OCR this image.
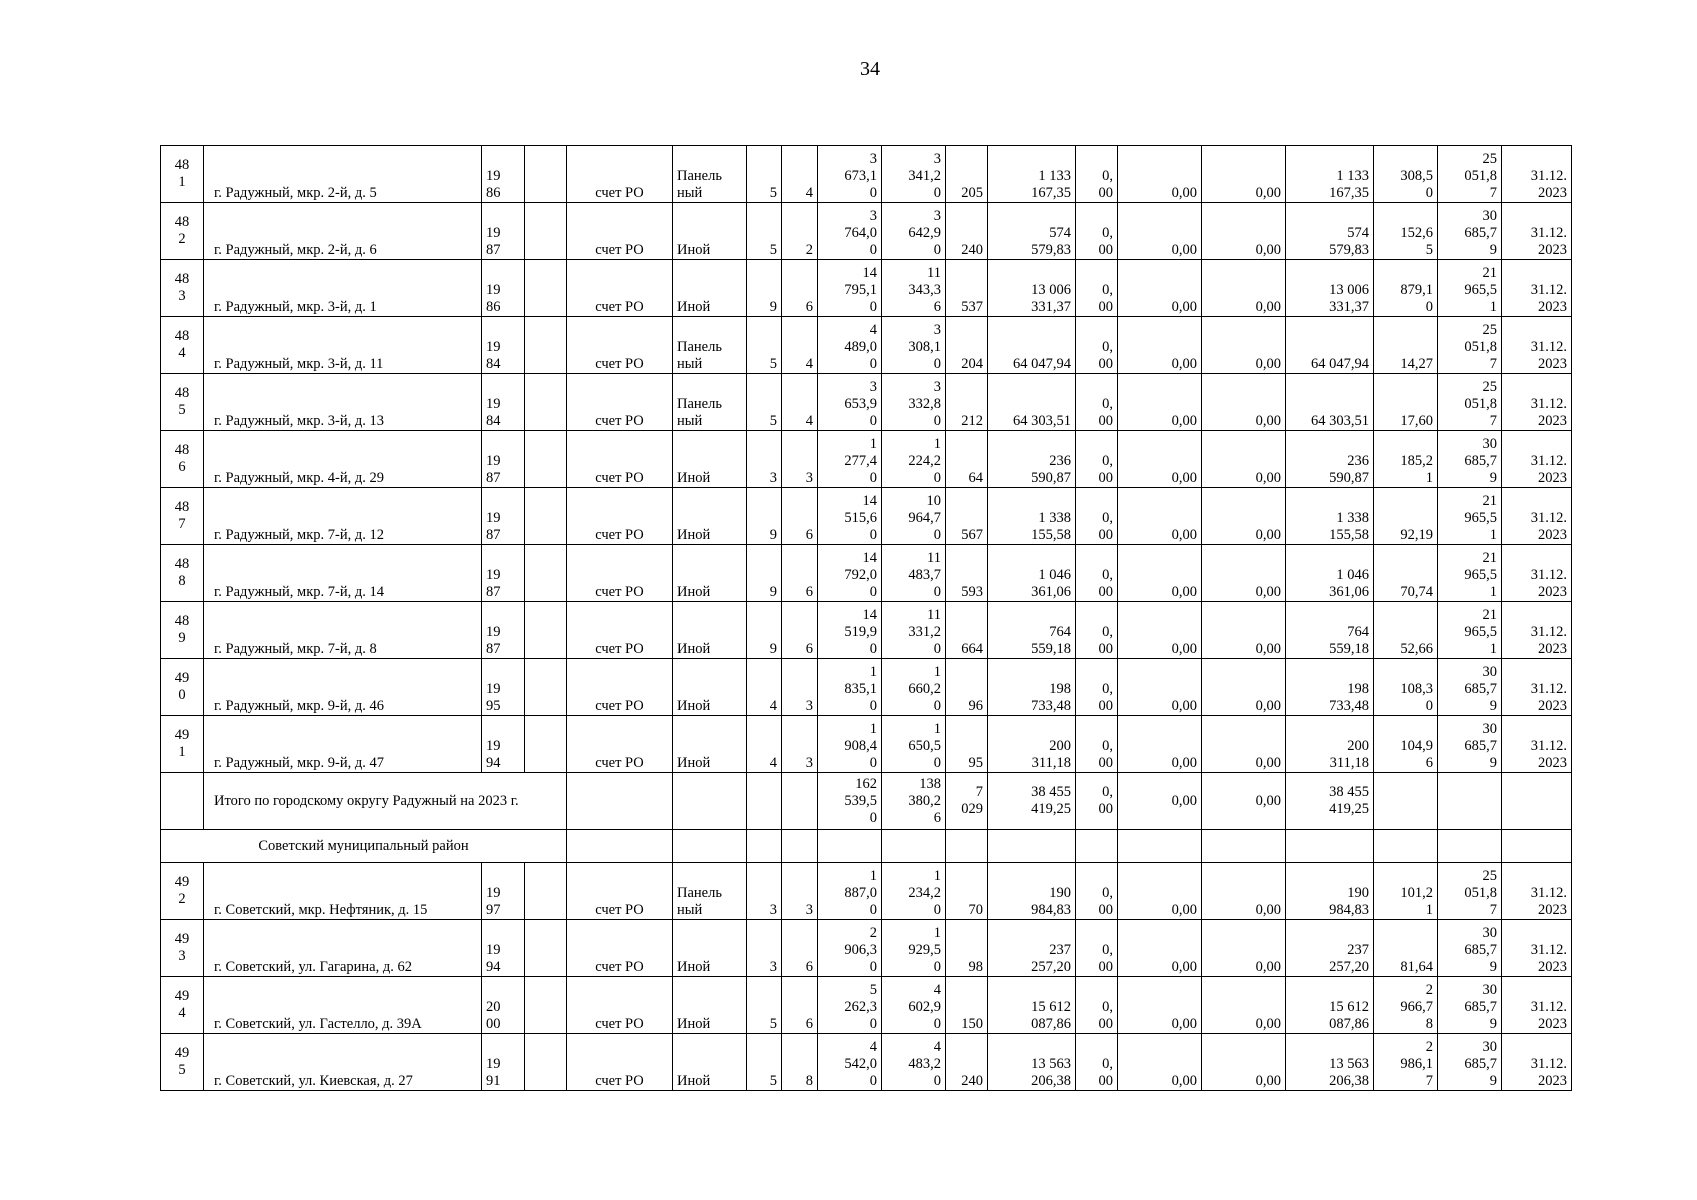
34
48
1	г. Радужный, мкр. 2-й, д. 5	19
86		счет РО	Панель
ный	5	4	3
673,1
0	3
341,2
0	205	1 133
167,35	0,
00	0,00	0,00	1 133
167,35	308,5
0	25
051,8
7	31.12.
2023

48
2	г. Радужный, мкр. 2-й, д. 6	19
87		счет РО	Иной	5	2	3
764,0
0	3
642,9
0	240	574
579,83	0,
00	0,00	0,00	574
579,83	152,6
5	30
685,7
9	31.12.
2023

48
3	г. Радужный, мкр. 3-й, д. 1	19
86		счет РО	Иной	9	6	14
795,1
0	11
343,3
6	537	13 006
331,37	0,
00	0,00	0,00	13 006
331,37	879,1
0	21
965,5
1	31.12.
2023

48
4	г. Радужный, мкр. 3-й, д. 11	19
84		счет РО	Панель
ный	5	4	4
489,0
0	3
308,1
0	204	64 047,94	0,
00	0,00	0,00	64 047,94	14,27	25
051,8
7	31.12.
2023

48
5	г. Радужный, мкр. 3-й, д. 13	19
84		счет РО	Панель
ный	5	4	3
653,9
0	3
332,8
0	212	64 303,51	0,
00	0,00	0,00	64 303,51	17,60	25
051,8
7	31.12.
2023

48
6	г. Радужный, мкр. 4-й, д. 29	19
87		счет РО	Иной	3	3	1
277,4
0	1
224,2
0	64	236
590,87	0,
00	0,00	0,00	236
590,87	185,2
1	30
685,7
9	31.12.
2023

48
7	г. Радужный, мкр. 7-й, д. 12	19
87		счет РО	Иной	9	6	14
515,6
0	10
964,7
0	567	1 338
155,58	0,
00	0,00	0,00	1 338
155,58	92,19	21
965,5
1	31.12.
2023

48
8	г. Радужный, мкр. 7-й, д. 14	19
87		счет РО	Иной	9	6	14
792,0
0	11
483,7
0	593	1 046
361,06	0,
00	0,00	0,00	1 046
361,06	70,74	21
965,5
1	31.12.
2023

48
9	г. Радужный, мкр. 7-й, д. 8	19
87		счет РО	Иной	9	6	14
519,9
0	11
331,2
0	664	764
559,18	0,
00	0,00	0,00	764
559,18	52,66	21
965,5
1	31.12.
2023

49
0	г. Радужный, мкр. 9-й, д. 46	19
95		счет РО	Иной	4	3	1
835,1
0	1
660,2
0	96	198
733,48	0,
00	0,00	0,00	198
733,48	108,3
0	30
685,7
9	31.12.
2023

49
1	г. Радужный, мкр. 9-й, д. 47	19
94		счет РО	Иной	4	3	1
908,4
0	1
650,5
0	95	200
311,18	0,
00	0,00	0,00	200
311,18	104,9
6	30
685,7
9	31.12.
2023

	Итого по городскому округу Радужный на 2023 г.							162
539,5
0	138
380,2
6	7
029	38 455
419,25	0,
00	0,00	0,00	38 455
419,25			

Советский муниципальный район																		

49
2	г. Советский, мкр. Нефтяник, д. 15	19
97		счет РО	Панель
ный	3	3	1
887,0
0	1
234,2
0	70	190
984,83	0,
00	0,00	0,00	190
984,83	101,2
1	25
051,8
7	31.12.
2023

49
3	г. Советский, ул. Гагарина, д. 62	19
94		счет РО	Иной	3	6	2
906,3
0	1
929,5
0	98	237
257,20	0,
00	0,00	0,00	237
257,20	81,64	30
685,7
9	31.12.
2023

49
4	г. Советский, ул. Гастелло, д. 39А	20
00		счет РО	Иной	5	6	5
262,3
0	4
602,9
0	150	15 612
087,86	0,
00	0,00	0,00	15 612
087,86	2
966,7
8	30
685,7
9	31.12.
2023

49
5	г. Советский, ул. Киевская, д. 27	19
91		счет РО	Иной	5	8	4
542,0
0	4
483,2
0	240	13 563
206,38	0,
00	0,00	0,00	13 563
206,38	2
986,1
7	30
685,7
9	31.12.
2023
